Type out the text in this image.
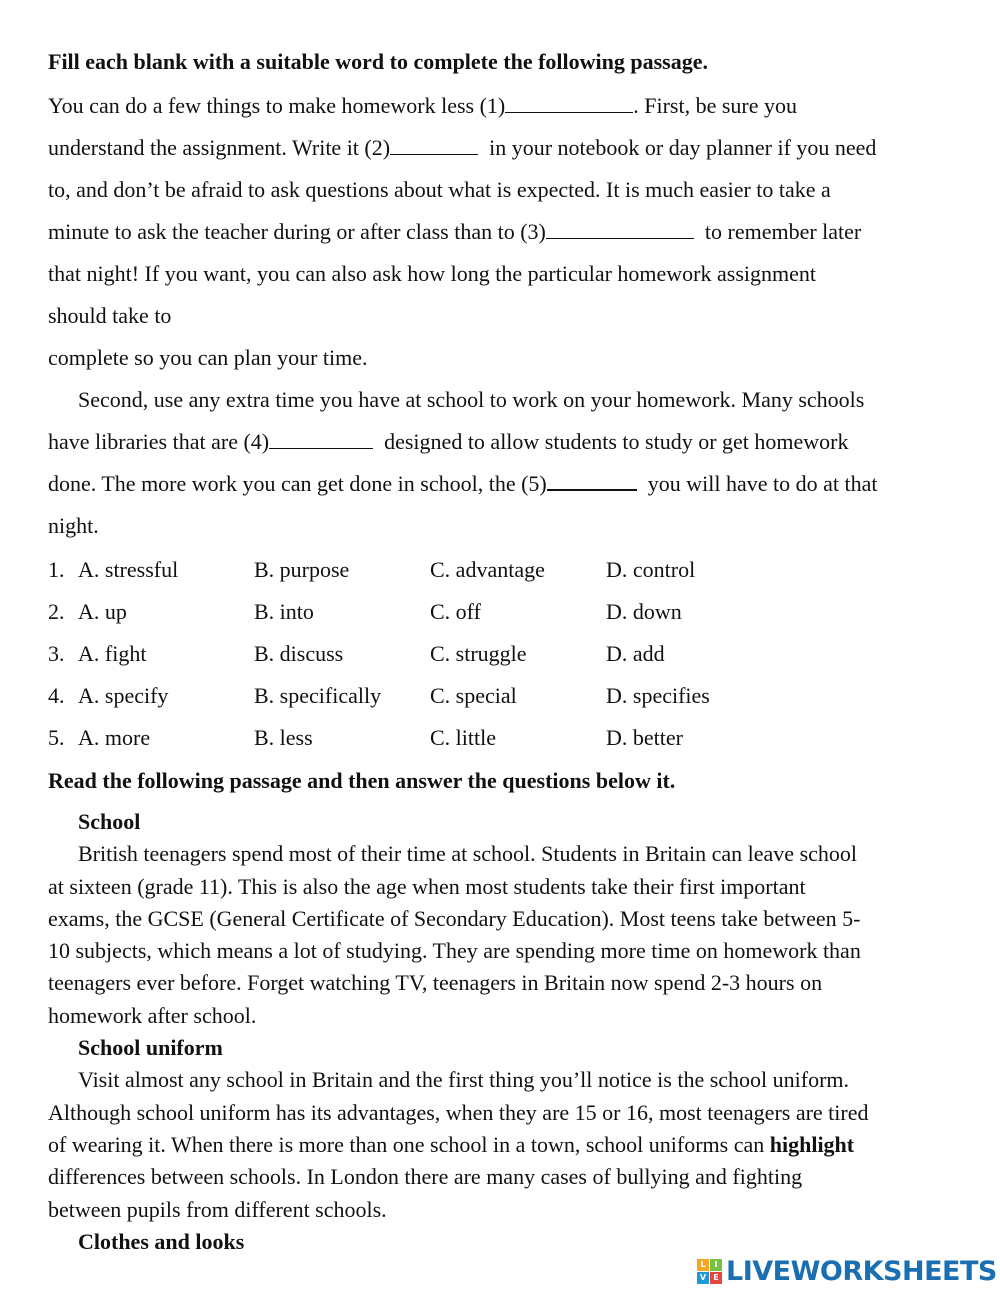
Fill each blank with a suitable word to complete the following passage.
You can do a few things to make homework less (1)	. First, be sure you
understand the assignment. Write it (2)	in your notebook or day planner if you need
to, and don’t be afraid to ask questions about what is expected. It is much easier to take a
minute to ask the teacher during or after class than to (3)	to remember later
that night! If you want, you can also ask how long the particular homework assignment
should take to
complete so you can plan your time.
Second, use any extra time you have at school to work on your homework. Many schools
have libraries that are (4)	designed to allow students to study or get homework
done. The more work you can get done in school, the (5)	you will have to do at that
night.
1. A. stressful	B. purpose	C. advantage	D. control
2. A. up	B. into	C. off	D. down
3. A. fight	B. discuss	C. struggle	D. add
4. A. specify	B. specifically C. special	D. specifies
5. A. more	B. less	C. little	D. better
Read the following passage and then answer the questions below it.
School
British teenagers spend most of their time at school. Students in Britain can leave school
at sixteen (grade 11). This is also the age when most students take their first important
exams, the GCSE (General Certificate of Secondary Education). Most teens take between 5-
10 subjects, which means a lot of studying. They are spending more time on homework than
teenagers ever before. Forget watching TV, teenagers in Britain now spend 2-3 hours on
homework after school.
School uniform
Visit almost any school in Britain and the first thing you’ll notice is the school uniform.
Although school uniform has its advantages, when they are 15 or 16, most teenagers are tired
of wearing it. When there is more than one school in a town, school uniforms can highlight
differences between schools. In London there are many cases of bullying and fighting
between pupils from different schools.
Clothes and looks
L	I
V E LIVEWORKSHEETS
